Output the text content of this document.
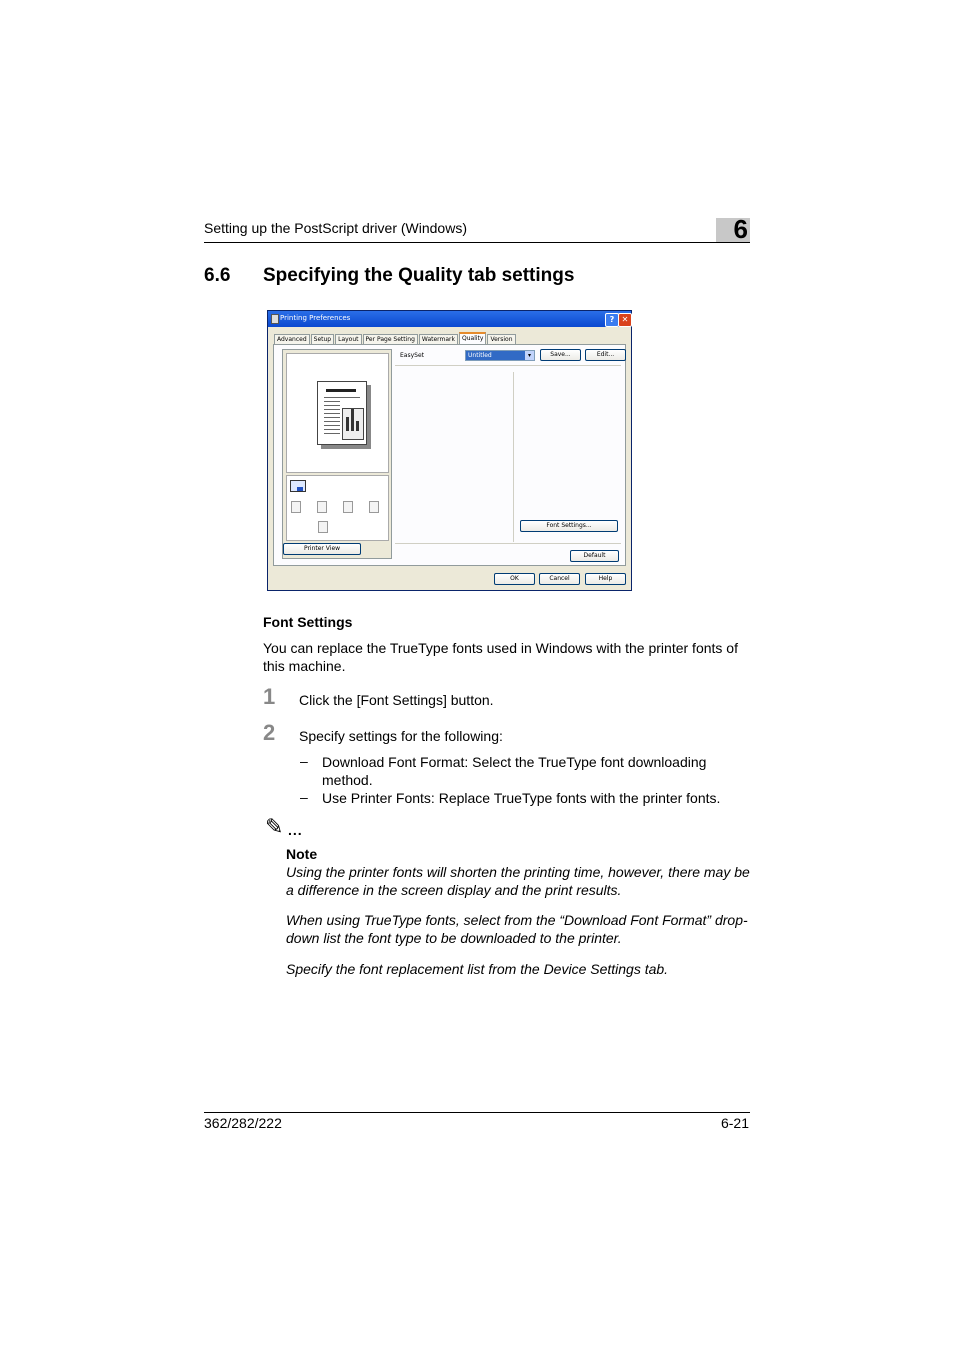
Setting up the PostScript driver (Windows)	6
6.6 Specifying the Quality tab settings
Printing Preferences	? ✕
Advanced	Setup	Layout	Per Page Setting	Watermark	Quality	Version
Printer View
EasySet	Untitled	▾	Save...	Edit...
Font Settings...
Default
OK	Cancel	Help
Font Settings
You can replace the TrueType fonts used in Windows with the printer fonts of this machine.
1 Click the [Font Settings] button.
2 Specify settings for the following:
– Download Font Format: Select the TrueType font downloading method.
– Use Printer Fonts: Replace TrueType fonts with the printer fonts.
✎ ...
Note
Using the printer fonts will shorten the printing time, however, there may be a difference in the screen display and the print results.
When using TrueType fonts, select from the “Download Font Format” drop-down list the font type to be downloaded to the printer.
Specify the font replacement list from the Device Settings tab.
362/282/222	6-21
